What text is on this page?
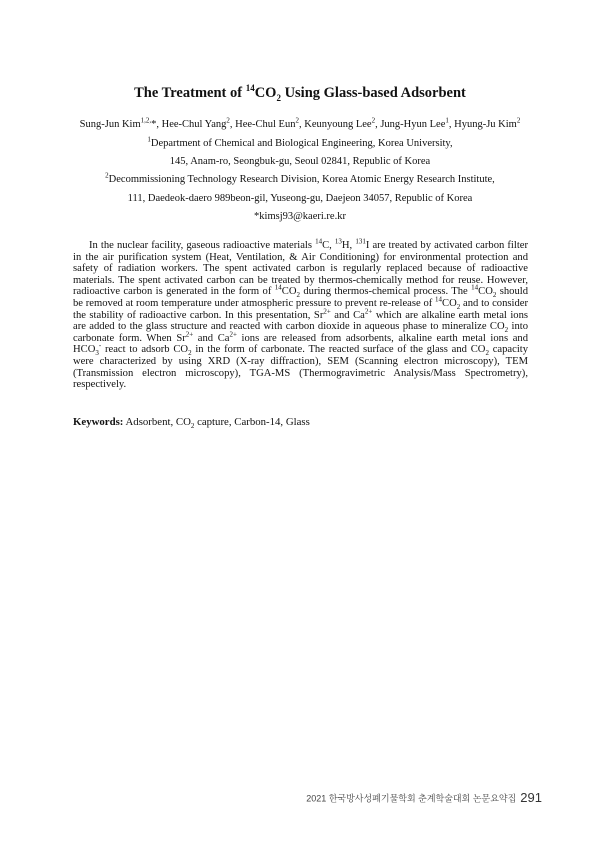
The Treatment of $^{14}CO_2$ Using Glass-based Adsorbent
Sung-Jun Kim$^{1,2,}$*, Hee-Chul Yang$^2$, Hee-Chul Eun$^2$, Keunyoung Lee$^2$, Jung-Hyun Lee$^1$, Hyung-Ju Kim$^2$
$^1$Department of Chemical and Biological Engineering, Korea University,
145, Anam-ro, Seongbuk-gu, Seoul 02841, Republic of Korea
$^2$Decommissioning Technology Research Division, Korea Atomic Energy Research Institute,
111, Daedeok-daero 989beon-gil, Yuseong-gu, Daejeon 34057, Republic of Korea
*kimsj93@kaeri.re.kr
In the nuclear facility, gaseous radioactive materials $^{14}$C, $^{13}$H, $^{131}$I are treated by activated carbon filter in the air purification system (Heat, Ventilation, & Air Conditioning) for environmental protection and safety of radiation workers. The spent activated carbon is regularly replaced because of radioactive materials. The spent activated carbon can be treated by thermos-chemically method for reuse. However, radioactive carbon is generated in the form of $^{14}CO_2$ during thermos-chemical process. The $^{14}CO_2$ should be removed at room temperature under atmospheric pressure to prevent re-release of $^{14}CO_2$ and to consider the stability of radioactive carbon. In this presentation, $Sr^{2+}$ and $Ca^{2+}$ which are alkaline earth metal ions are added to the glass structure and reacted with carbon dioxide in aqueous phase to mineralize $CO_2$ into carbonate form. When $Sr^{2+}$ and $Ca^{2+}$ ions are released from adsorbents, alkaline earth metal ions and $HCO_3^-$ react to adsorb $CO_2$ in the form of carbonate. The reacted surface of the glass and $CO_2$ capacity were characterized by using XRD (X-ray diffraction), SEM (Scanning electron microscopy), TEM (Transmission electron microscopy), TGA-MS (Thermogravimetric Analysis/Mass Spectrometry), respectively.
Keywords: Adsorbent, $CO_2$ capture, Carbon-14, Glass
2021 한국방사성폐기물학회 춘계학술대회 논문요약집 291
